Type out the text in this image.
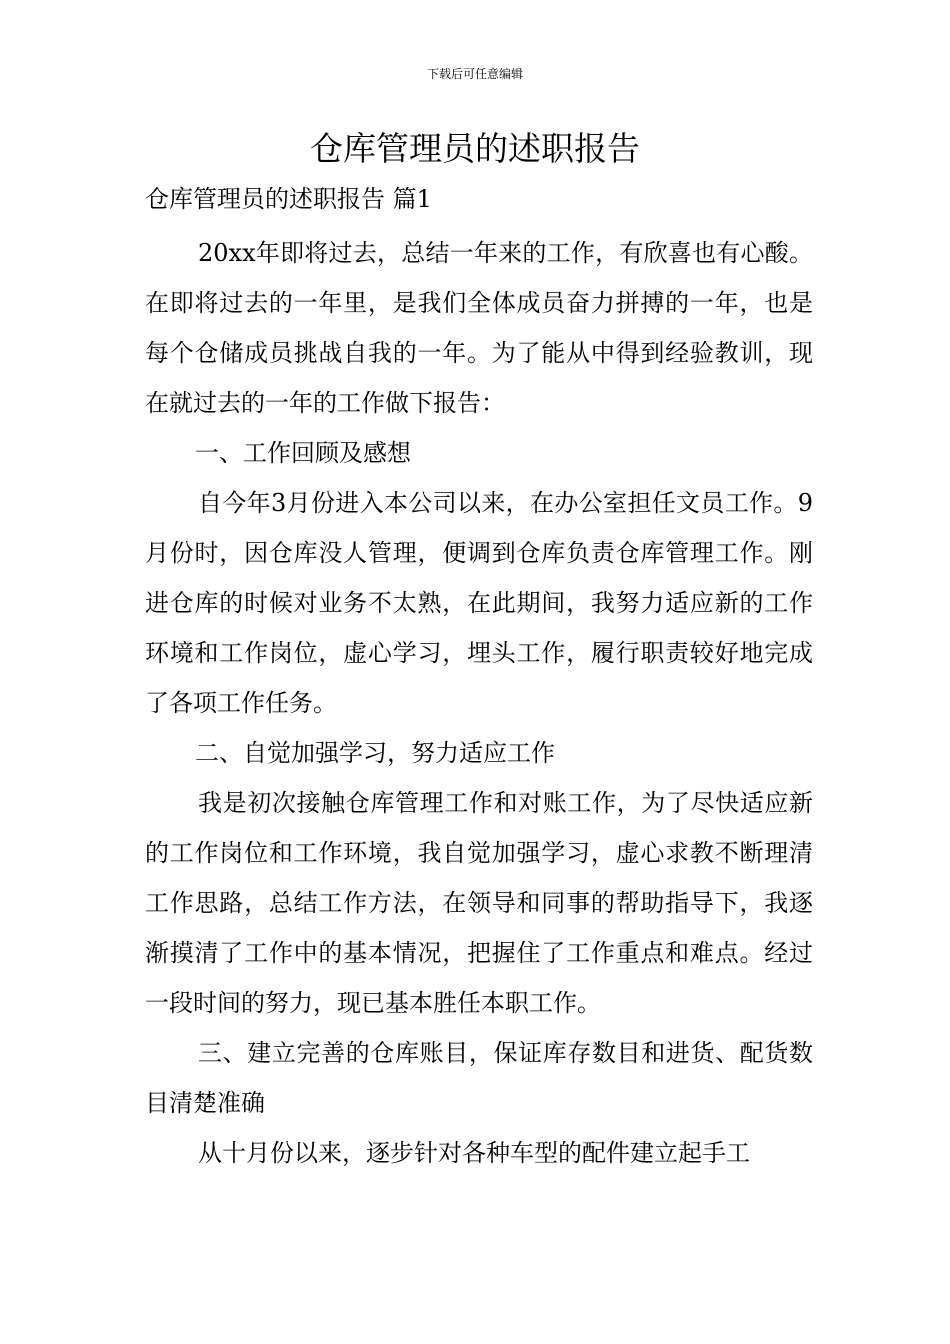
下载后可任意编辑
仓库管理员的述职报告
仓库管理员的述职报告 篇1

20xx年即将过去，总结一年来的工作，有欣喜也有心酸。在即将过去的一年里，是我们全体成员奋力拼搏的一年，也是每个仓储成员挑战自我的一年。为了能从中得到经验教训，现在就过去的一年的工作做下报告：

一、工作回顾及感想

自今年3月份进入本公司以来，在办公室担任文员工作。9月份时，因仓库没人管理，便调到仓库负责仓库管理工作。刚进仓库的时候对业务不太熟，在此期间，我努力适应新的工作环境和工作岗位，虚心学习，埋头工作，履行职责较好地完成了各项工作任务。

二、自觉加强学习，努力适应工作

我是初次接触仓库管理工作和对账工作，为了尽快适应新的工作岗位和工作环境，我自觉加强学习，虚心求教不断理清工作思路，总结工作方法，在领导和同事的帮助指导下，我逐渐摸清了工作中的基本情况，把握住了工作重点和难点。经过一段时间的努力，现已基本胜任本职工作。

三、建立完善的仓库账目，保证库存数目和进货、配货数目清楚准确

从十月份以来，逐步针对各种车型的配件建立起手工
